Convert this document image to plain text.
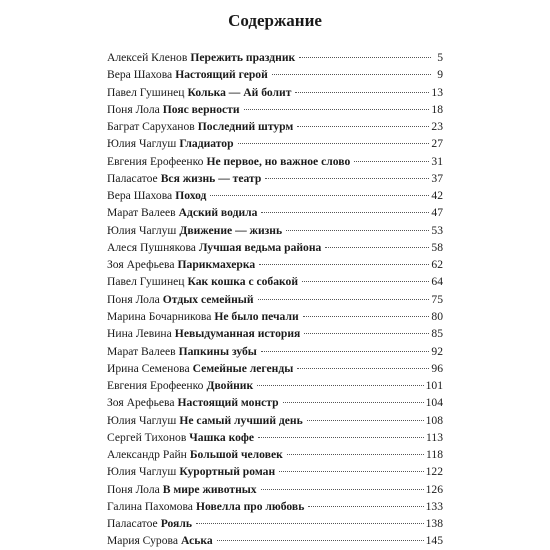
Содержание
Алексей Кленов Пережить праздник	5
Вера Шахова Настоящий герой	9
Павел Гушинец Колька — Ай болит	13
Поня Лола Пояс верности	18
Баграт Саруханов Последний штурм	23
Юлия Чаглуш Гладиатор	27
Евгения Ерофеенко Не первое, но важное слово	31
Паласатое Вся жизнь — театр	37
Вера Шахова Поход	42
Марат Валеев Адский водила	47
Юлия Чаглуш Движение — жизнь	53
Алеся Пушнякова Лучшая ведьма района	58
Зоя Арефьева Парикмахерка	62
Павел Гушинец Как кошка с собакой	64
Поня Лола Отдых семейный	75
Марина Бочарникова Не было печали	80
Нина Левина Невыдуманная история	85
Марат Валеев Папкины зубы	92
Ирина Семенова Семейные легенды	96
Евгения Ерофеенко Двойник	101
Зоя Арефьева Настоящий монстр	104
Юлия Чаглуш Не самый лучший день	108
Сергей Тихонов Чашка кофе	113
Александр Райн Большой человек	118
Юлия Чаглуш Курортный роман	122
Поня Лола В мире животных	126
Галина Пахомова Новелла про любовь	133
Паласатое Рояль	138
Мария Сурова Аська	145
